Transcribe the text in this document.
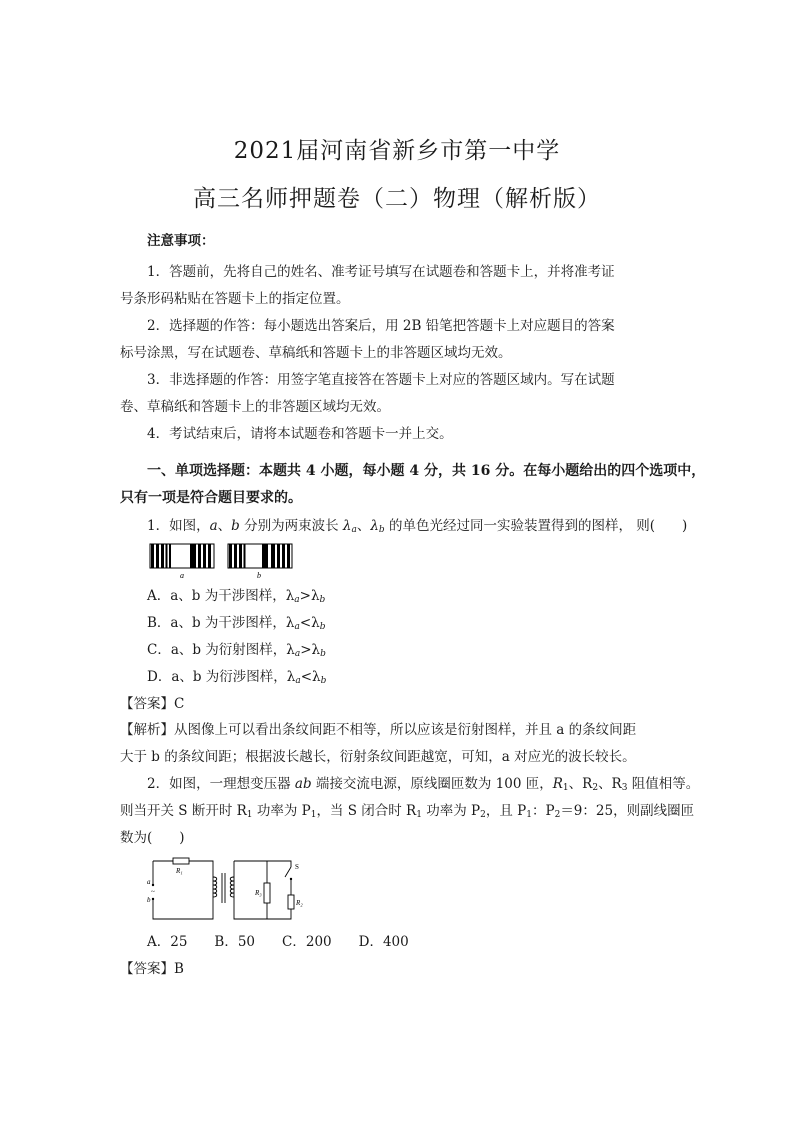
2021届河南省新乡市第一中学
高三名师押题卷（二）物理（解析版）
注意事项：
1．答题前，先将自己的姓名、准考证号填写在试题卷和答题卡上，并将准考证
号条形码粘贴在答题卡上的指定位置。
2．选择题的作答：每小题选出答案后，用 2B 铅笔把答题卡上对应题目的答案
标号涂黑，写在试题卷、草稿纸和答题卡上的非答题区域均无效。
3．非选择题的作答：用签字笔直接答在答题卡上对应的答题区域内。写在试题
卷、草稿纸和答题卡上的非答题区域均无效。
4．考试结束后，请将本试题卷和答题卡一并上交。
一、单项选择题：本题共 4 小题，每小题 4 分，共 16 分。在每小题给出的四个选项中，
只有一项是符合题目要求的。
1．如图，a、b 分别为两束波长 $\lambda_a$、$\lambda_b$ 的单色光经过同一实验装置得到的图样， 则(　　)
a	b
A．a、b 为干涉图样，$\lambda_a>\lambda_b$
B．a、b 为干涉图样，$\lambda_a<\lambda_b$
C．a、b 为衍射图样，$\lambda_a>\lambda_b$
D．a、b 为衍涉图样，$\lambda_a<\lambda_b$
【答案】C
【解析】从图像上可以看出条纹间距不相等，所以应该是衍射图样，并且 a 的条纹间距
大于 b 的条纹间距；根据波长越长，衍射条纹间距越宽，可知，a 对应光的波长较长。
2．如图，一理想变压器 ab 端接交流电源，原线圈匝数为 100 匝，$R_1$、$R_2$、$R_3$ 阻值相等。
则当开关 S 断开时 $R_1$ 功率为 $P_1$，当 S 闭合时 $R_1$ 功率为 $P_2$，且 $P_1$：$P_2=9$：25，则副线圈匝
数为(　　)
R₁
R₃
R₂
S
a
b
~
A．25　　B．50　　C．200　　D．400
【答案】B
